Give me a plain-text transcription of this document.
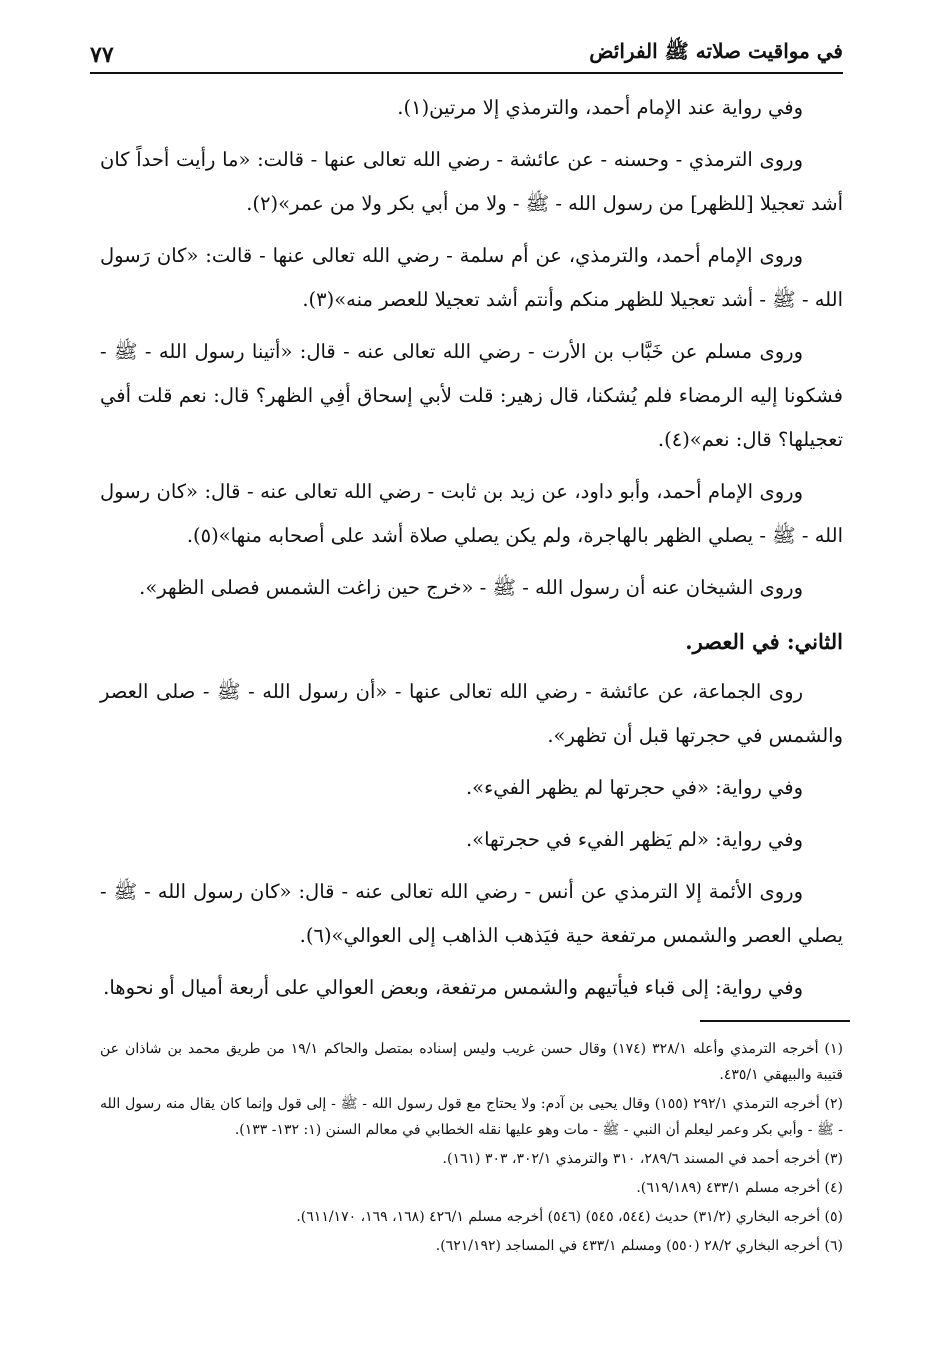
٧٧	في مواقيت صلاته ﷺ الفرائض

وفي رواية عند الإمام أحمد، والترمذي إلا مرتين(١).

وروى الترمذي - وحسنه - عن عائشة - رضي الله تعالى عنها - قالت: «ما رأيت أحداً كان أشد تعجيلا [للظهر] من رسول الله - ﷺ - ولا من أبي بكر ولا من عمر»(٢).

وروى الإمام أحمد، والترمذي، عن أم سلمة - رضي الله تعالى عنها - قالت: «كان رَسول الله - ﷺ - أشد تعجيلا للظهر منكم وأنتم أشد تعجيلا للعصر منه»(٣).

وروى مسلم عن خَبَّاب بن الأرت - رضي الله تعالى عنه - قال: «أتينا رسول الله - ﷺ - فشكونا إليه الرمضاء فلم يُشكنا، قال زهير: قلت لأبي إسحاق أفِي الظهر؟ قال: نعم قلت أفي تعجيلها؟ قال: نعم»(٤).

وروى الإمام أحمد، وأبو داود، عن زيد بن ثابت - رضي الله تعالى عنه - قال: «كان رسول الله - ﷺ - يصلي الظهر بالهاجرة، ولم يكن يصلي صلاة أشد على أصحابه منها»(٥).

وروى الشيخان عنه أن رسول الله - ﷺ - «خرج حين زاغت الشمس فصلى الظهر».

الثاني: في العصر.

روى الجماعة، عن عائشة - رضي الله تعالى عنها - «أن رسول الله - ﷺ - صلى العصر والشمس في حجرتها قبل أن تظهر».

وفي رواية: «في حجرتها لم يظهر الفيء».

وفي رواية: «لم يَظهر الفيء في حجرتها».

وروى الأئمة إلا الترمذي عن أنس - رضي الله تعالى عنه - قال: «كان رسول الله - ﷺ - يصلي العصر والشمس مرتفعة حية فيَذهب الذاهب إلى العوالي»(٦).

وفي رواية: إلى قباء فيأتيهم والشمس مرتفعة، وبعض العوالي على أربعة أميال أو نحوها.

(١) أخرجه الترمذي وأعله ٣٢٨/١ (١٧٤) وقال حسن غريب وليس إسناده بمتصل والحاكم ١٩/١ من طريق محمد بن شاذان عن قتيبة والبيهقي ٤٣٥/١.

(٢) أخرجه الترمذي ٢٩٢/١ (١٥٥) وقال يحيى بن آدم: ولا يحتاج مع قول رسول الله - ﷺ - إلى قول وإنما كان يقال منه رسول الله - ﷺ - وأبي بكر وعمر ليعلم أن النبي - ﷺ - مات وهو عليها نقله الخطابي في معالم السنن (١: ١٣٢- ١٣٣).

(٣) أخرجه أحمد في المسند ٢٨٩/٦، ٣١٠ والترمذي ٣٠٢/١، ٣٠٣ (١٦١).

(٤) أخرجه مسلم ٤٣٣/١ (٦١٩/١٨٩).

(٥) أخرجه البخاري (٣١/٢) حديث (٥٤٤، ٥٤٥) (٥٤٦) أخرجه مسلم ٤٢٦/١ (١٦٨، ١٦٩، ٦١١/١٧٠).

(٦) أخرجه البخاري ٢٨/٢ (٥٥٠) ومسلم ٤٣٣/١ في المساجد (٦٢١/١٩٢).
